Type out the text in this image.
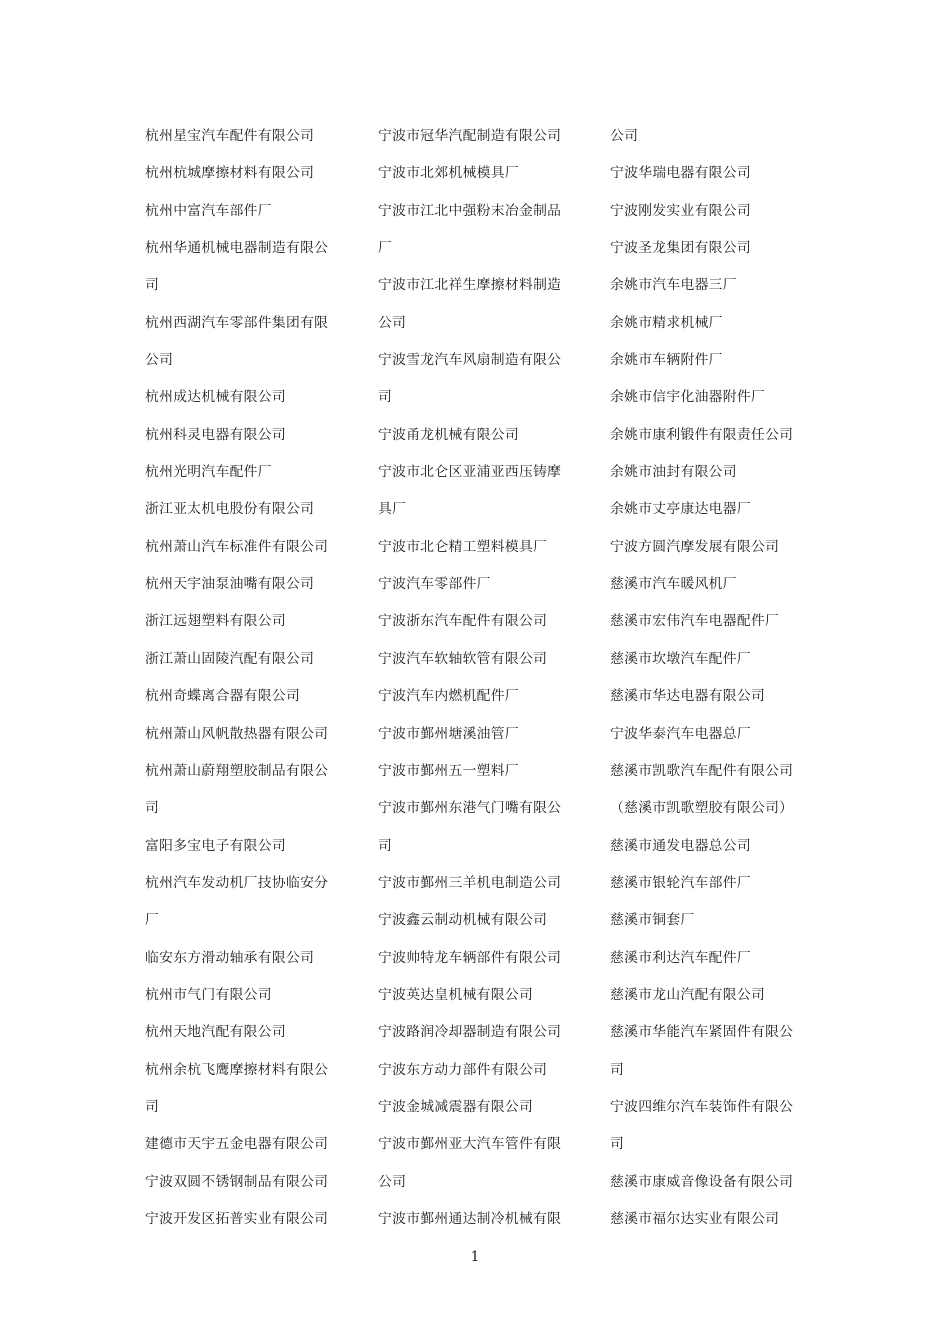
杭州星宝汽车配件有限公司
杭州杭城摩擦材料有限公司
杭州中富汽车部件厂
杭州华通机械电器制造有限公
司
杭州西湖汽车零部件集团有限
公司
杭州成达机械有限公司
杭州科灵电器有限公司
杭州光明汽车配件厂
浙江亚太机电股份有限公司
杭州萧山汽车标准件有限公司
杭州天宇油泵油嘴有限公司
浙江远翅塑料有限公司
浙江萧山固陵汽配有限公司
杭州奇蝶离合器有限公司
杭州萧山风帆散热器有限公司
杭州萧山蔚翔塑胶制品有限公
司
富阳多宝电子有限公司
杭州汽车发动机厂技协临安分
厂
临安东方滑动轴承有限公司
杭州市气门有限公司
杭州天地汽配有限公司
杭州余杭飞鹰摩擦材料有限公
司
建德市天宇五金电器有限公司
宁波双圆不锈钢制品有限公司
宁波开发区拓普实业有限公司
宁波市冠华汽配制造有限公司
宁波市北郊机械模具厂
宁波市江北中强粉末冶金制品
厂
宁波市江北祥生摩擦材料制造
公司
宁波雪龙汽车风扇制造有限公
司
宁波甬龙机械有限公司
宁波市北仑区亚浦亚西压铸摩
具厂
宁波市北仑精工塑料模具厂
宁波汽车零部件厂
宁波浙东汽车配件有限公司
宁波汽车软轴软管有限公司
宁波汽车内燃机配件厂
宁波市鄞州塘溪油管厂
宁波市鄞州五一塑料厂
宁波市鄞州东港气门嘴有限公
司
宁波市鄞州三羊机电制造公司
宁波鑫云制动机械有限公司
宁波帅特龙车辆部件有限公司
宁波英达皇机械有限公司
宁波路润冷却器制造有限公司
宁波东方动力部件有限公司
宁波金城减震器有限公司
宁波市鄞州亚大汽车管件有限
公司
宁波市鄞州通达制冷机械有限
公司
宁波华瑞电器有限公司
宁波刚发实业有限公司
宁波圣龙集团有限公司
余姚市汽车电器三厂
余姚市精求机械厂
余姚市车辆附件厂
余姚市信宇化油器附件厂
余姚市康利锻件有限责任公司
余姚市油封有限公司
余姚市丈亭康达电器厂
宁波方圆汽摩发展有限公司
慈溪市汽车暖风机厂
慈溪市宏伟汽车电器配件厂
慈溪市坎墩汽车配件厂
慈溪市华达电器有限公司
宁波华泰汽车电器总厂
慈溪市凯歌汽车配件有限公司
（慈溪市凯歌塑胶有限公司）
慈溪市通发电器总公司
慈溪市银轮汽车部件厂
慈溪市铜套厂
慈溪市利达汽车配件厂
慈溪市龙山汽配有限公司
慈溪市华能汽车紧固件有限公
司
宁波四维尔汽车装饰件有限公
司
慈溪市康威音像设备有限公司
慈溪市福尔达实业有限公司
1
